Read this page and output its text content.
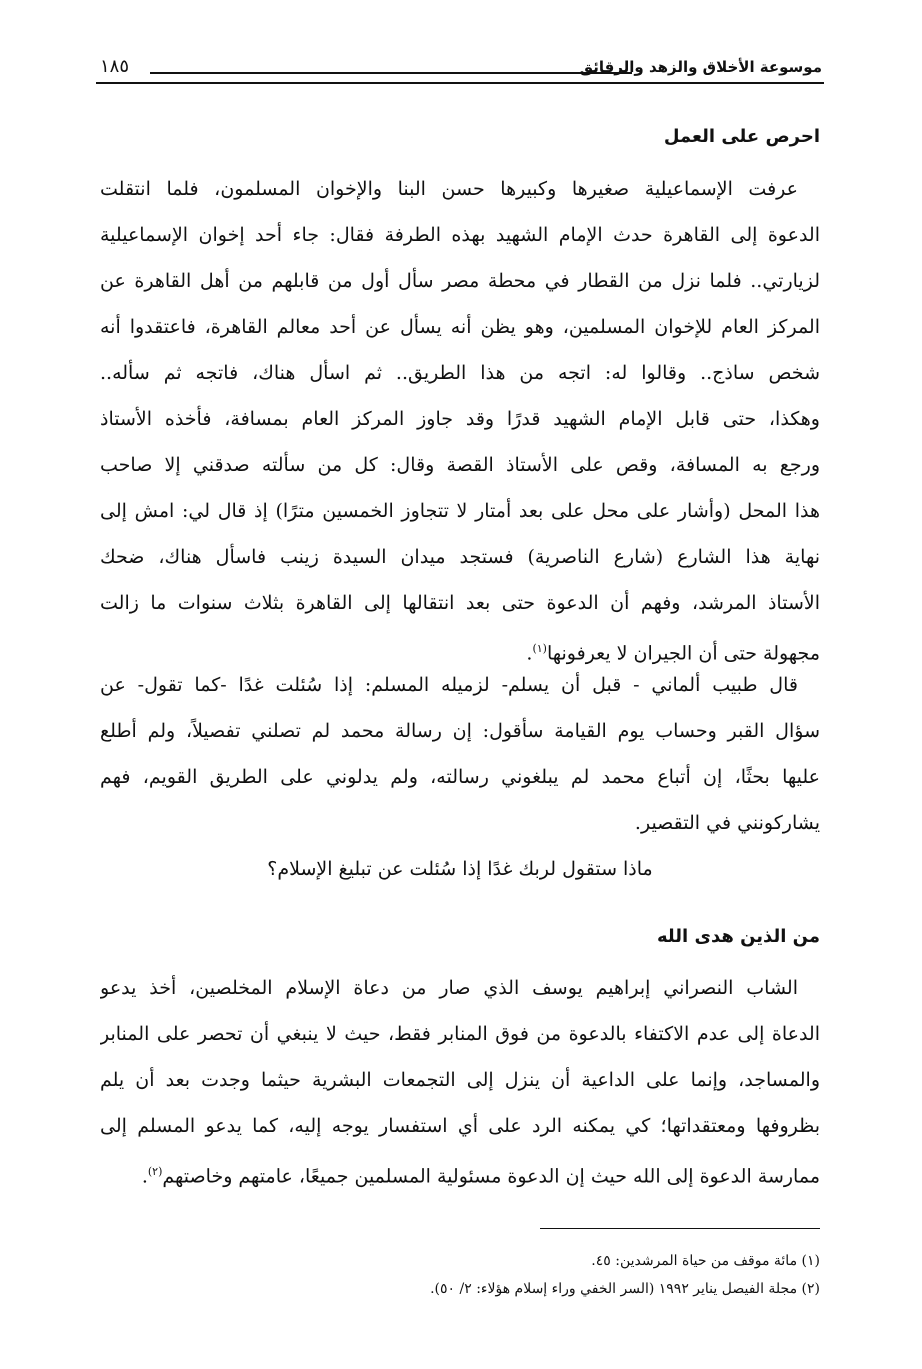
موسوعة الأخلاق والزهد والرقائق
١٨٥
احرص على العمل
عرفت الإسماعيلية صغيرها وكبيرها حسن البنا والإخوان المسلمون، فلما انتقلت
الدعوة إلى القاهرة حدث الإمام الشهيد بهذه الطرفة فقال: جاء أحد إخوان الإسماعيلية
لزيارتي.. فلما نزل من القطار في محطة مصر سأل أول من قابلهم من أهل القاهرة عن
المركز العام للإخوان المسلمين، وهو يظن أنه يسأل عن أحد معالم القاهرة، فاعتقدوا أنه
شخص ساذج.. وقالوا له: اتجه من هذا الطريق.. ثم اسأل هناك، فاتجه ثم سأله..
وهكذا، حتى قابل الإمام الشهيد قدرًا وقد جاوز المركز العام بمسافة، فأخذه الأستاذ
ورجع به المسافة، وقص على الأستاذ القصة وقال: كل من سألته صدقني إلا صاحب
هذا المحل (وأشار على محل على بعد أمتار لا تتجاوز الخمسين مترًا) إذ قال لي: امش إلى
نهاية هذا الشارع (شارع الناصرية) فستجد ميدان السيدة زينب فاسأل هناك، ضحك
الأستاذ المرشد، وفهم أن الدعوة حتى بعد انتقالها إلى القاهرة بثلاث سنوات ما زالت
مجهولة حتى أن الجيران لا يعرفونها$^{(١)}$.
قال طبيب ألماني - قبل أن يسلم- لزميله المسلم: إذا سُئلت غدًا -كما تقول- عن
سؤال القبر وحساب يوم القيامة سأقول: إن رسالة محمد لم تصلني تفصيلاً، ولم أطلع
عليها بحثًا، إن أتباع محمد لم يبلغوني رسالته، ولم يدلوني على الطريق القويم، فهم
يشاركونني في التقصير.
ماذا ستقول لربك غدًا إذا سُئلت عن تبليغ الإسلام؟
من الذين هدى الله
الشاب النصراني إبراهيم يوسف الذي صار من دعاة الإسلام المخلصين، أخذ يدعو
الدعاة إلى عدم الاكتفاء بالدعوة من فوق المنابر فقط، حيث لا ينبغي أن تحصر على المنابر
والمساجد، وإنما على الداعية أن ينزل إلى التجمعات البشرية حيثما وجدت بعد أن يلم
بظروفها ومعتقداتها؛ كي يمكنه الرد على أي استفسار يوجه إليه، كما يدعو المسلم إلى
ممارسة الدعوة إلى الله حيث إن الدعوة مسئولية المسلمين جميعًا، عامتهم وخاصتهم$^{(٢)}$.
(١) مائة موقف من حياة المرشدين: ٤٥.
(٢) مجلة الفيصل يناير ١٩٩٢ (السر الخفي وراء إسلام هؤلاء: ٢/ ٥٠).
